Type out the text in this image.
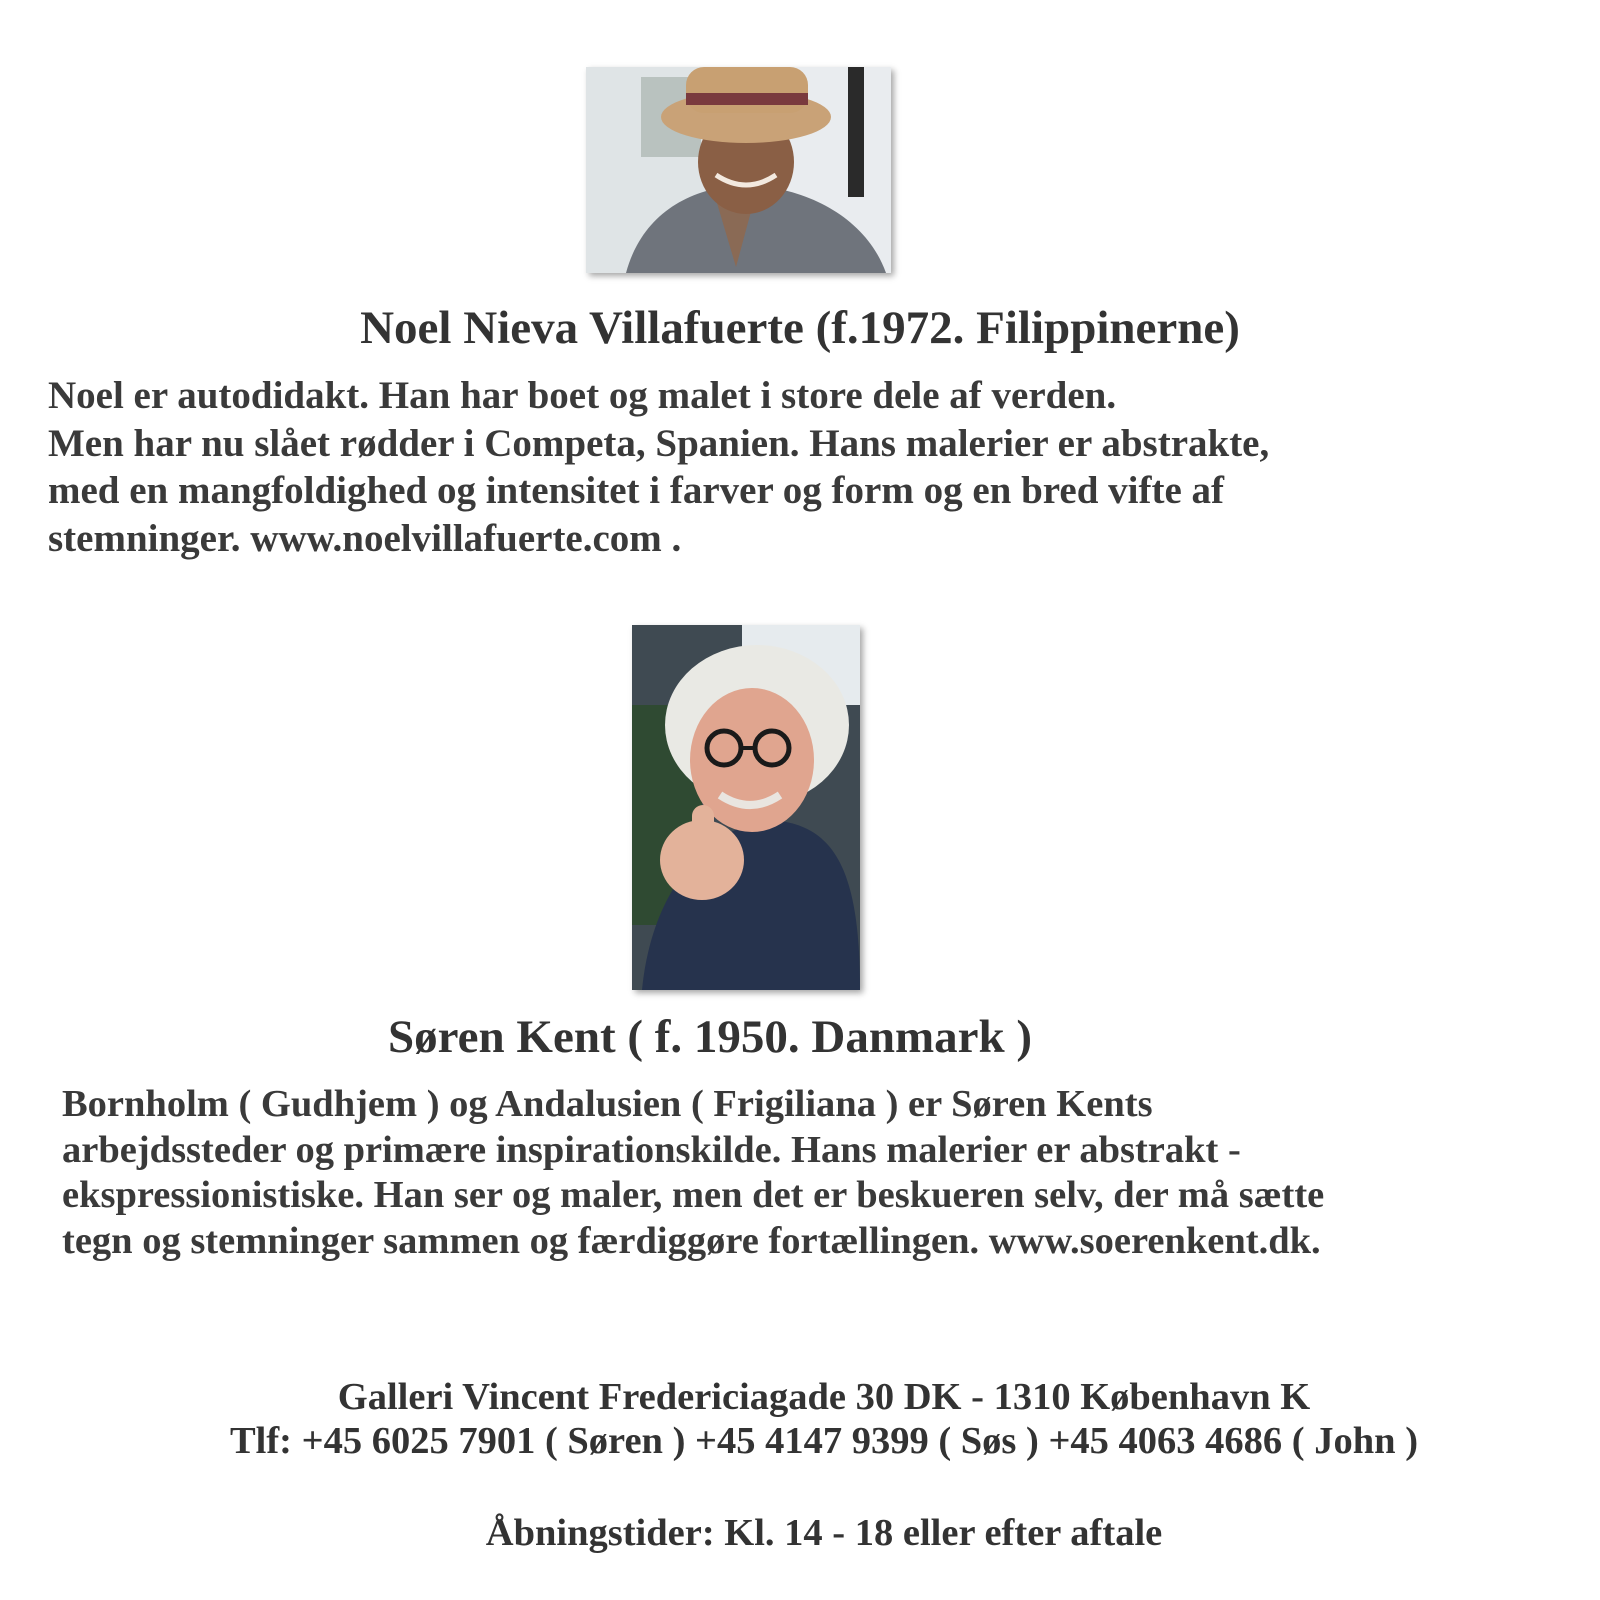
Noel Nieva Villafuerte (f.1972. Filippinerne)
Noel er autodidakt. Han har boet og malet i store dele af verden.
Men har nu slået rødder i Competa, Spanien. Hans malerier er abstrakte,
med en mangfoldighed og intensitet i farver og form og en bred vifte af
stemninger. www.noelvillafuerte.com .
Søren Kent ( f. 1950. Danmark )
Bornholm ( Gudhjem ) og Andalusien ( Frigiliana ) er Søren Kents
arbejdssteder og primære inspirationskilde. Hans malerier er abstrakt -
ekspressionistiske. Han ser og maler, men det er beskueren selv, der må sætte
tegn og stemninger sammen og færdiggøre fortællingen. www.soerenkent.dk.
Galleri Vincent Fredericiagade 30 DK - 1310 København K
Tlf: +45 6025 7901 ( Søren ) +45 4147 9399 ( Søs ) +45 4063 4686 ( John )
Åbningstider: Kl. 14 - 18 eller efter aftale
